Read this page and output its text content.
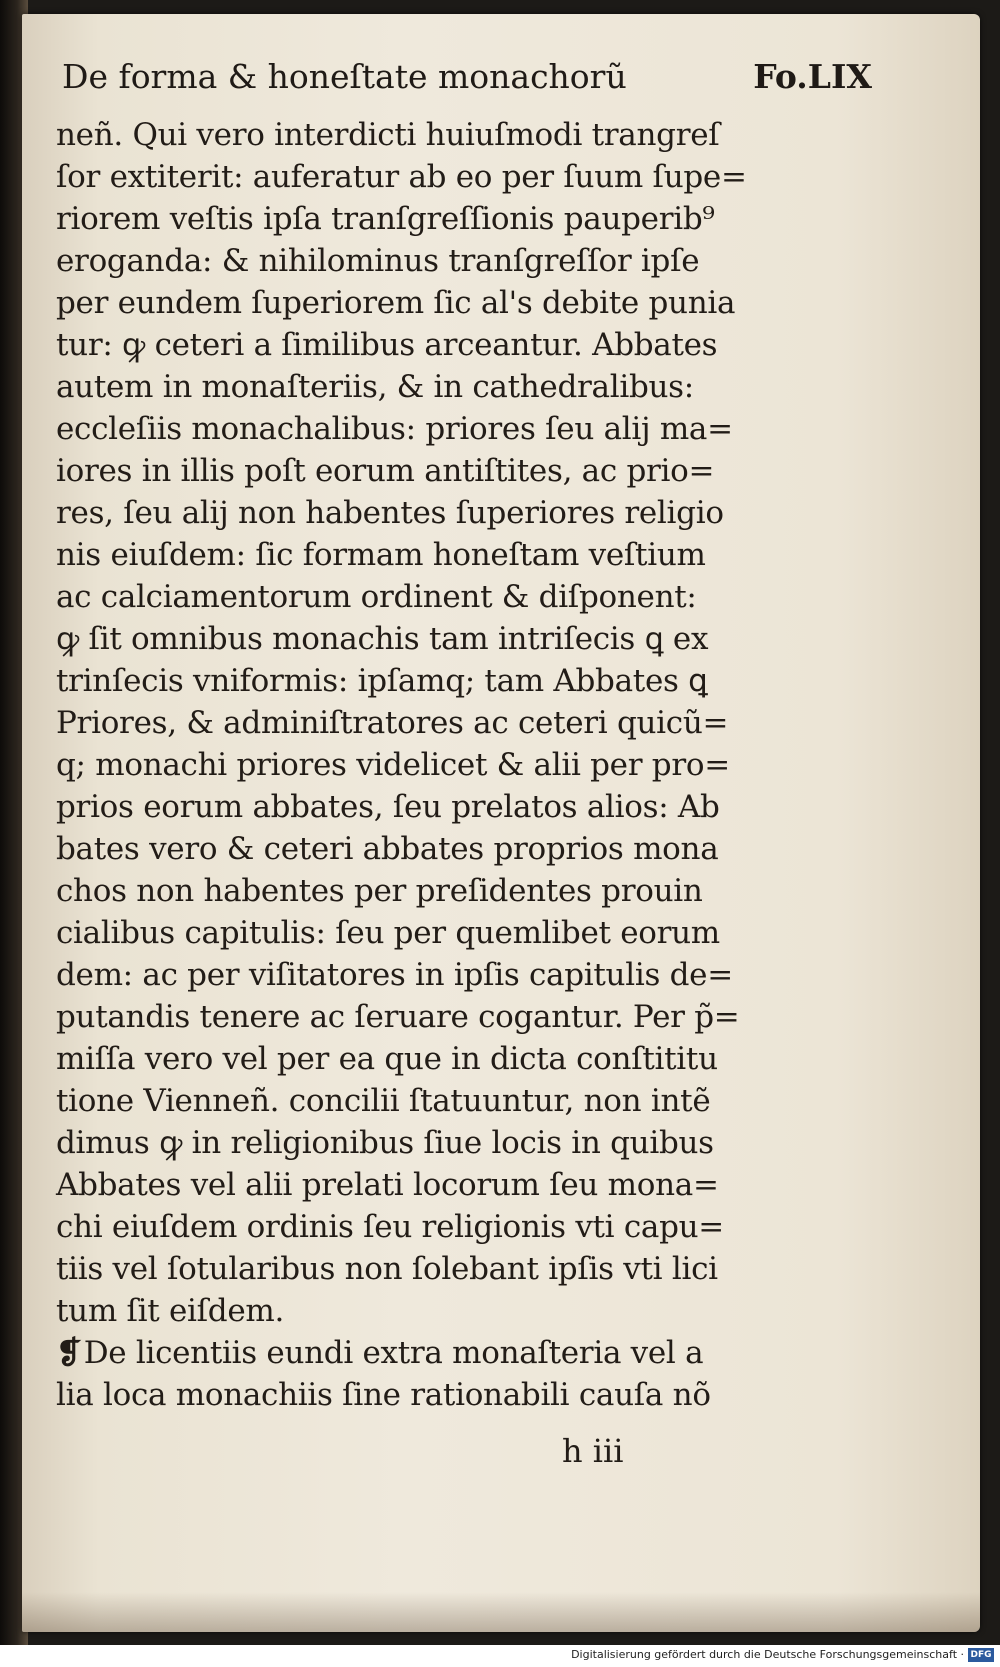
De forma & honeſtate monachorũ	Fo.LIX
neñ. Qui vero interdicti huiuſmodi trangreſ
ſor extiterit: auferatur ab eo per ſuum ſupe=
riorem veſtis ipſa tranſgreſſionis pauperib⁹
eroganda: & nihilominus tranſgreſſor ipſe
per eundem ſuperiorem ſic al's debite punia
tur: ꝙ ceteri a ſimilibus arceantur. Abbates
autem in monaſteriis, & in cathedralibus:
eccleſiis monachalibus: priores ſeu alij ma=
iores in illis poſt eorum antiſtites, ac prio=
res, ſeu alij non habentes ſuperiores religio
nis eiuſdem: ſic formam honeſtam veſtium
ac calciamentorum ordinent & diſponent:
ꝙ ſit omnibus monachis tam intriſecis ꝗ ex
trinſecis vniformis: ipſamq; tam Abbates ꝗ
Priores, & adminiſtratores ac ceteri quicũ=
q; monachi priores videlicet & alii per pro=
prios eorum abbates, ſeu prelatos alios: Ab
bates vero & ceteri abbates proprios mona
chos non habentes per preſidentes prouin
cialibus capitulis: ſeu per quemlibet eorum
dem: ac per viſitatores in ipſis capitulis de=
putandis tenere ac ſeruare cogantur. Per p̃=
miſſa vero vel per ea que in dicta conſtititu
tione Vienneñ. concilii ſtatuuntur, non intẽ
dimus ꝙ in religionibus ſiue locis in quibus
Abbates vel alii prelati locorum ſeu mona=
chi eiuſdem ordinis ſeu religionis vti capu=
tiis vel ſotularibus non ſolebant ipſis vti lici
tum ſit eiſdem.
❡De licentiis eundi extra monaſteria vel a
lia loca monachiis ſine rationabili cauſa nõ
h iii
Digitalisierung gefördert durch die Deutsche Forschungsgemeinschaft · DFG
